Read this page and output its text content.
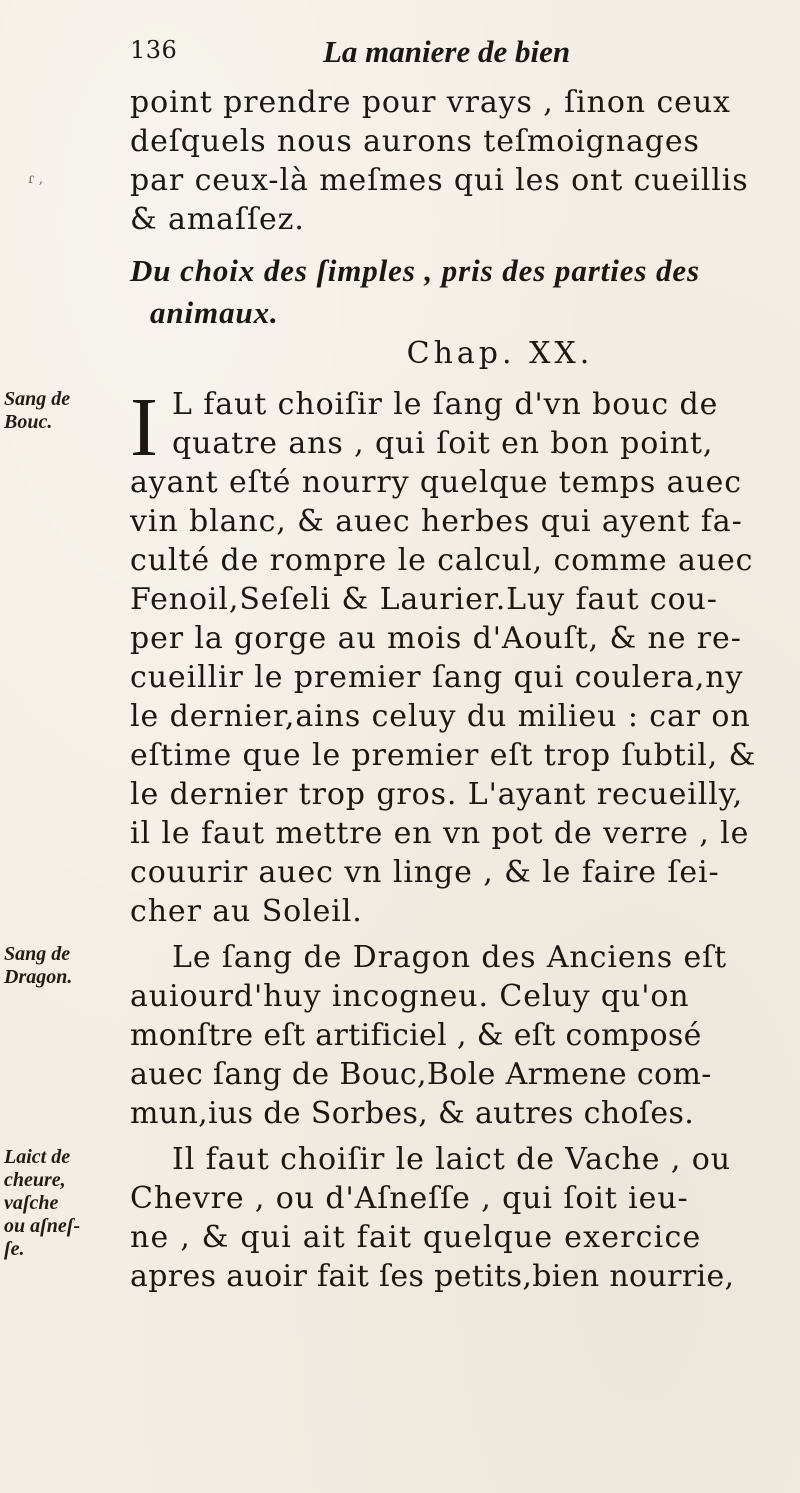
136	La maniere de bien
ɾ ,
point prendre pour vrays , ſinon ceux
deſquels nous aurons teſmoignages
par ceux-là meſmes qui les ont cueillis
& amaſſez.
Du choix des ſimples , pris des parties des
animaux.
Chap. XX.
I L faut choiſir le ſang d'vn bouc de
quatre ans , qui ſoit en bon point,
ayant eſté nourry quelque temps auec
vin blanc, & auec herbes qui ayent fa-
culté de rompre le calcul, comme auec
Fenoil,Seſeli & Laurier.Luy faut cou-
per la gorge au mois d'Aouſt, & ne re-
cueillir le premier ſang qui coulera,ny
le dernier,ains celuy du milieu : car on
eſtime que le premier eſt trop ſubtil, &
le dernier trop gros. L'ayant recueilly,
il le faut mettre en vn pot de verre , le
couurir auec vn linge , & le faire ſei-
cher au Soleil.
Le ſang de Dragon des Anciens eſt
auiourd'huy incogneu. Celuy qu'on
monſtre eſt artificiel , & eſt composé
auec ſang de Bouc,Bole Armene com-
mun,ius de Sorbes, & autres choſes.
Il faut choiſir le laict de Vache , ou
Chevre , ou d'Aſneſſe , qui ſoit ieu-
ne , & qui ait fait quelque exercice
apres auoir fait ſes petits,bien nourrie,
Sang de
Bouc.
Sang de
Dragon.
Laict de
cheure,
vaſche
ou aſneſ-
ſe.
